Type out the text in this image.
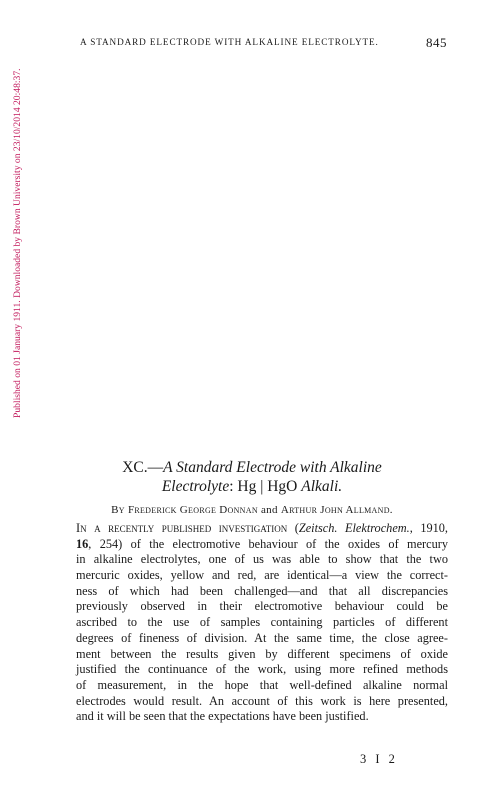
A STANDARD ELECTRODE WITH ALKALINE ELECTROLYTE.	845
Published on 01 January 1911. Downloaded by Brown University on 23/10/2014 20:48:37.
XC.—A Standard Electrode with Alkaline
Electrolyte: Hg | HgO Alkali.
By Frederick George Donnan and Arthur John Allmand.
In a recently published investigation (Zeitsch. Elektrochem., 1910,
16, 254) of the electromotive behaviour of the oxides of mercury
in alkaline electrolytes, one of us was able to show that the two
mercuric oxides, yellow and red, are identical—a view the correct-
ness of which had been challenged—and that all discrepancies
previously observed in their electromotive behaviour could be
ascribed to the use of samples containing particles of different
degrees of fineness of division. At the same time, the close agree-
ment between the results given by different specimens of oxide
justified the continuance of the work, using more refined methods
of measurement, in the hope that well-defined alkaline normal
electrodes would result. An account of this work is here presented,
and it will be seen that the expectations have been justified.
3 I 2
